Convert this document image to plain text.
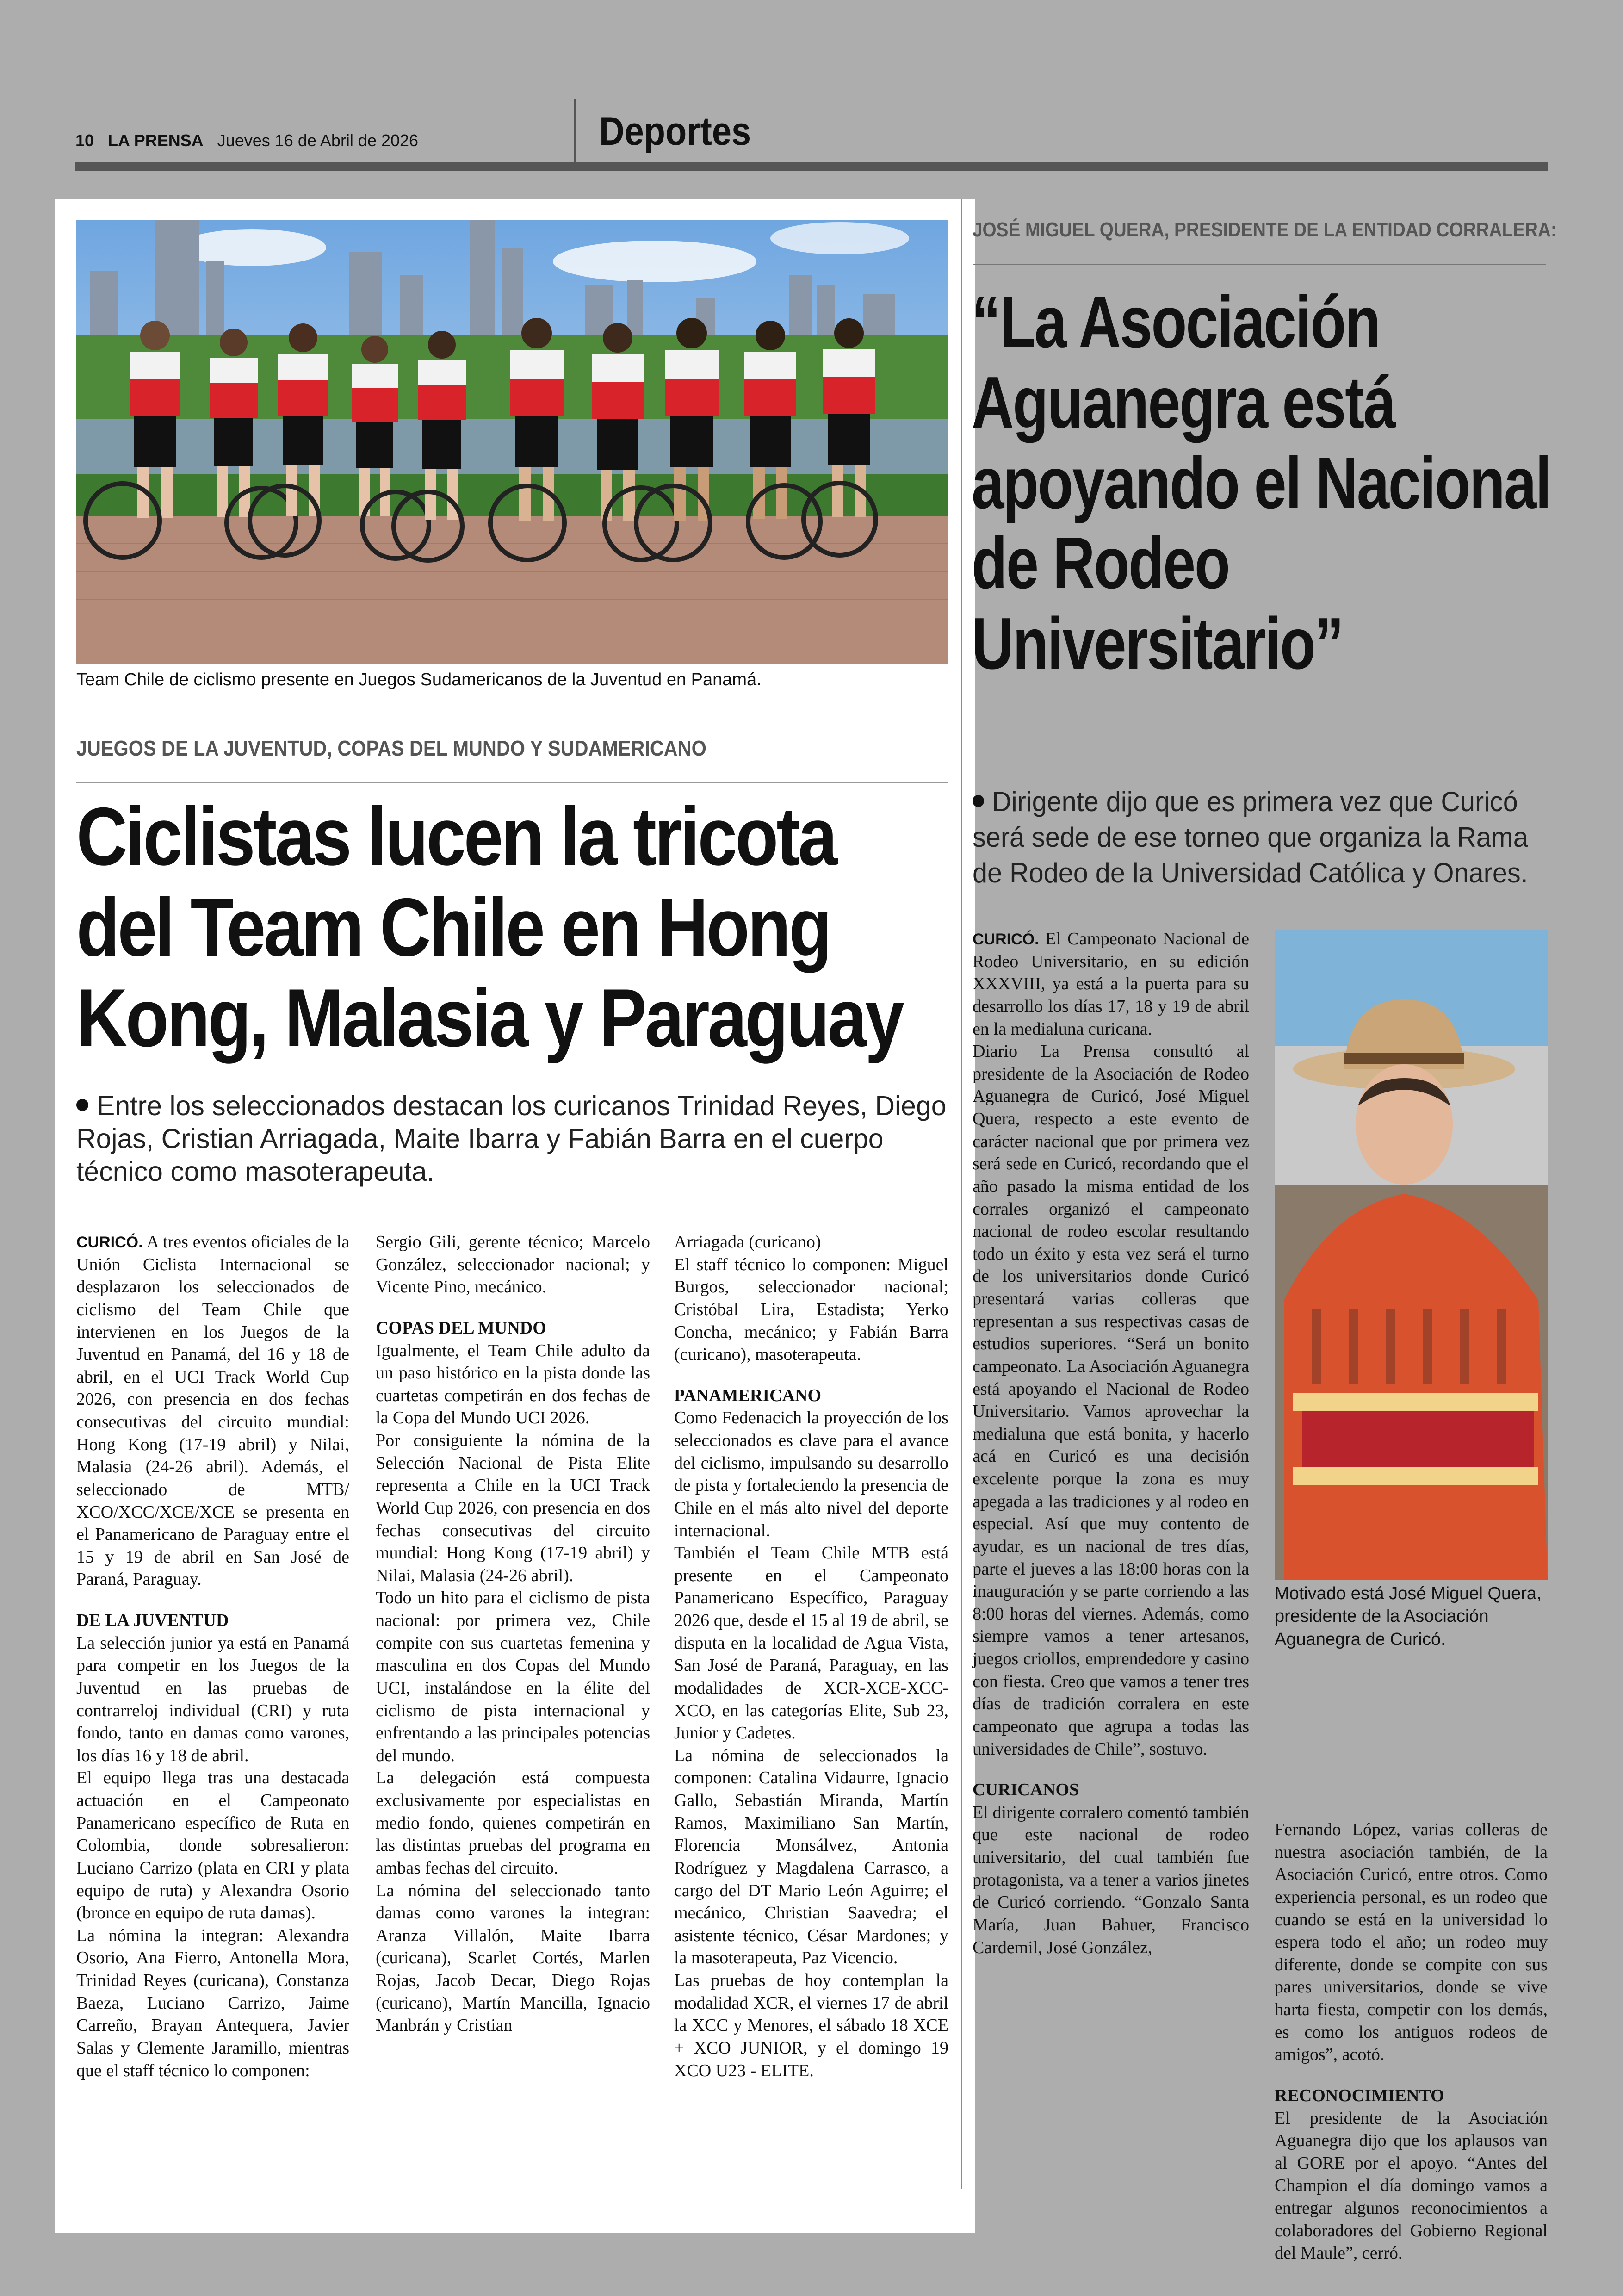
10 LA PRENSA Jueves 16 de Abril de 2026	Deportes
Team Chile de ciclismo presente en Juegos Sudamericanos de la Juventud en Panamá.
JUEGOS DE LA JUVENTUD, COPAS DEL MUNDO Y SUDAMERICANO
Ciclistas lucen la tricota del Team Chile en Hong Kong, Malasia y Paraguay
Entre los seleccionados destacan los curicanos Trinidad Reyes, Diego Rojas, Cristian Arriagada, Maite Ibarra y Fabián Barra en el cuerpo técnico como masoterapeuta.

CURICÓ. A tres eventos oficiales de la Unión Ciclista Internacional se desplazaron los seleccionados de ciclismo del Team Chile que intervienen en los Juegos de la Juventud en Panamá, del 16 y 18 de abril, en el UCI Track World Cup 2026, con presencia en dos fechas consecutivas del circuito mundial: Hong Kong (17-19 abril) y Nilai, Malasia (24-26 abril). Además, el seleccionado de MTB/ XCO/XCC/XCE/XCE se presenta en el Panamericano de Paraguay entre el 15 y 19 de abril en San José de Paraná, Paraguay.

DE LA JUVENTUD

La selección junior ya está en Panamá para competir en los Juegos de la Juventud en las pruebas de contrarreloj individual (CRI) y ruta fondo, tanto en damas como varones, los días 16 y 18 de abril.

El equipo llega tras una destacada actuación en el Campeonato Panamericano específico de Ruta en Colombia, donde sobresalieron: Luciano Carrizo (plata en CRI y plata equipo de ruta) y Alexandra Osorio (bronce en equipo de ruta damas).

La nómina la integran: Alexandra Osorio, Ana Fierro, Antonella Mora, Trinidad Reyes (curicana), Constanza Baeza, Luciano Carrizo, Jaime Carreño, Brayan Antequera, Javier Salas y Clemente Jaramillo, mientras que el staff técnico lo componen:

Sergio Gili, gerente técnico; Marcelo González, seleccionador nacional; y Vicente Pino, mecánico.

COPAS DEL MUNDO

Igualmente, el Team Chile adulto da un paso histórico en la pista donde las cuartetas competirán en dos fechas de la Copa del Mundo UCI 2026.

Por consiguiente la nómina de la Selección Nacional de Pista Elite representa a Chile en la UCI Track World Cup 2026, con presencia en dos fechas consecutivas del circuito mundial: Hong Kong (17-19 abril) y Nilai, Malasia (24-26 abril).

Todo un hito para el ciclismo de pista nacional: por primera vez, Chile compite con sus cuartetas femenina y masculina en dos Copas del Mundo UCI, instalándose en la élite del ciclismo de pista internacional y enfrentando a las principales potencias del mundo.

La delegación está compuesta exclusivamente por especialistas en medio fondo, quienes competirán en las distintas pruebas del programa en ambas fechas del circuito.

La nómina del seleccionado tanto damas como varones la integran: Aranza Villalón, Maite Ibarra (curicana), Scarlet Cortés, Marlen Rojas, Jacob Decar, Diego Rojas (curicano), Martín Mancilla, Ignacio Manbrán y Cristian

Arriagada (curicano)

El staff técnico lo componen: Miguel Burgos, seleccionador nacional; Cristóbal Lira, Estadista; Yerko Concha, mecánico; y Fabián Barra (curicano), masoterapeuta.

PANAMERICANO

Como Fedenacich la proyección de los seleccionados es clave para el avance del ciclismo, impulsando su desarrollo de pista y fortaleciendo la presencia de Chile en el más alto nivel del deporte internacional.

También el Team Chile MTB está presente en el Campeonato Panamericano Específico, Paraguay 2026 que, desde el 15 al 19 de abril, se disputa en la localidad de Agua Vista, San José de Paraná, Paraguay, en las modalidades de XCR-XCE-XCC-XCO, en las categorías Elite, Sub 23, Junior y Cadetes.

La nómina de seleccionados la componen: Catalina Vidaurre, Ignacio Gallo, Sebastián Miranda, Martín Ramos, Maximiliano San Martín, Florencia Monsálvez, Antonia Rodríguez y Magdalena Carrasco, a cargo del DT Mario León Aguirre; el mecánico, Christian Saavedra; el asistente técnico, César Mardones; y la masoterapeuta, Paz Vicencio.

Las pruebas de hoy contemplan la modalidad XCR, el viernes 17 de abril la XCC y Menores, el sábado 18 XCE + XCO JUNIOR, y el domingo 19 XCO U23 - ELITE.

JOSÉ MIGUEL QUERA, PRESIDENTE DE LA ENTIDAD CORRALERA:
“La Asociación Aguanegra está apoyando el Nacional de Rodeo Universitario”
Dirigente dijo que es primera vez que Curicó será sede de ese torneo que organiza la Rama de Rodeo de la Universidad Católica y Onares.

CURICÓ. El Campeonato Nacional de Rodeo Universitario, en su edición XXXVIII, ya está a la puerta para su desarrollo los días 17, 18 y 19 de abril en la medialuna curicana.

Diario La Prensa consultó al presidente de la Asociación de Rodeo Aguanegra de Curicó, José Miguel Quera, respecto a este evento de carácter nacional que por primera vez será sede en Curicó, recordando que el año pasado la misma entidad de los corrales organizó el campeonato nacional de rodeo escolar resultando todo un éxito y esta vez será el turno de los universitarios donde Curicó presentará varias colleras que representan a sus respectivas casas de estudios superiores. “Será un bonito campeonato. La Asociación Aguanegra está apoyando el Nacional de Rodeo Universitario. Vamos aprovechar la medialuna que está bonita, y hacerlo acá en Curicó es una decisión excelente porque la zona es muy apegada a las tradiciones y al rodeo en especial. Así que muy contento de ayudar, es un nacional de tres días, parte el jueves a las 18:00 horas con la inauguración y se parte corriendo a las 8:00 horas del viernes. Además, como siempre vamos a tener artesanos, juegos criollos, emprendedore y casino con fiesta. Creo que vamos a tener tres días de tradición corralera en este campeonato que agrupa a todas las universidades de Chile”, sostuvo.

CURICANOS

El dirigente corralero comentó también que este nacional de rodeo universitario, del cual también fue protagonista, va a tener a varios jinetes de Curicó corriendo. “Gonzalo Santa María, Juan Bahuer, Francisco Cardemil, José González,

Motivado está José Miguel Quera, presidente de la Asociación Aguanegra de Curicó.

Fernando López, varias colleras de nuestra asociación también, de la Asociación Curicó, entre otros. Como experiencia personal, es un rodeo que cuando se está en la universidad lo espera todo el año; un rodeo muy diferente, donde se compite con sus pares universitarios, donde se vive harta fiesta, competir con los demás, es como los antiguos rodeos de amigos”, acotó.

RECONOCIMIENTO

El presidente de la Asociación Aguanegra dijo que los aplausos van al GORE por el apoyo. “Antes del Champion el día domingo vamos a entregar algunos reconocimientos a colaboradores del Gobierno Regional del Maule”, cerró.
